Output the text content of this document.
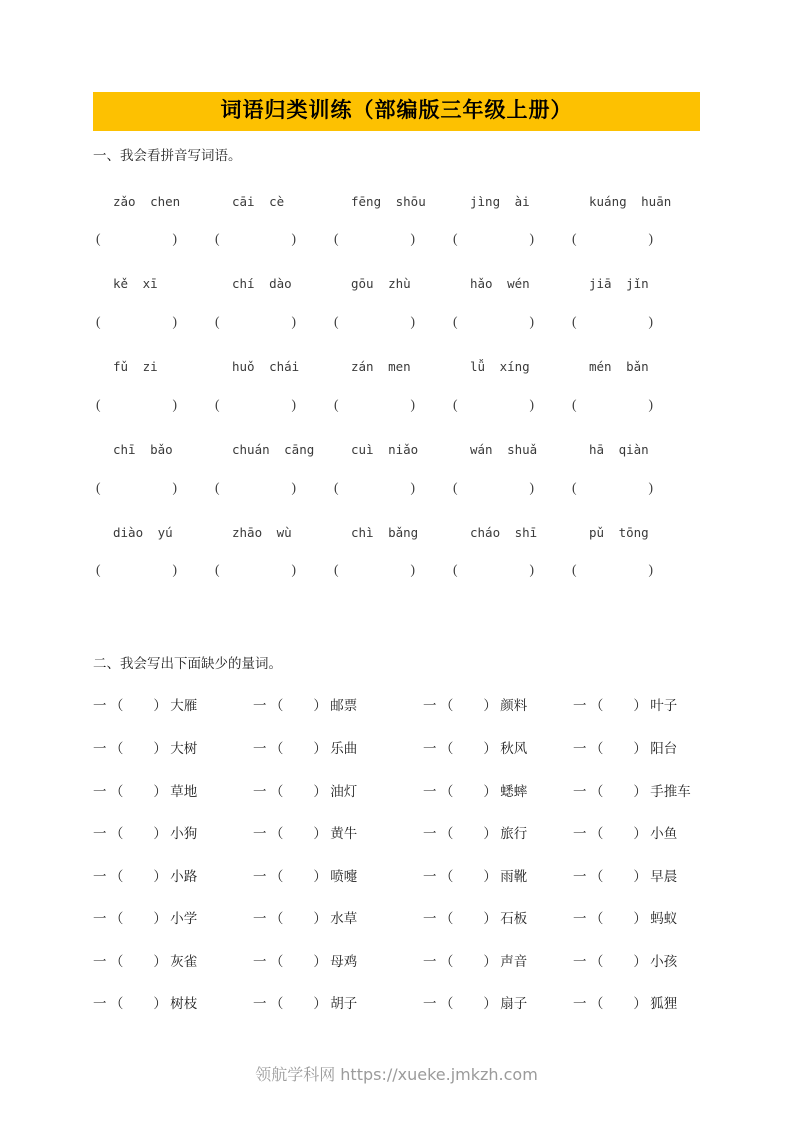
词语归类训练（部编版三年级上册）
一、我会看拼音写词语。
zǎo chen	cāi cè	fēng shōu	jìng ài	kuáng huān
(	)	(	)	(	)	(	)	(	)
kě xī	chí dào	gōu zhù	hǎo wén	jiā jǐn
(	)	(	)	(	)	(	)	(	)
fǔ zi	huǒ chái	zán men	lǚ xíng	mén bǎn
(	)	(	)	(	)	(	)	(	)
chī bǎo	chuán cāng	cuì niǎo	wán shuǎ	hā qiàn
(	)	(	)	(	)	(	)	(	)
diào yú	zhāo wù	chì bǎng	cháo shī	pǔ tōng
(	)	(	)	(	)	(	)	(	)
二、我会写出下面缺少的量词。
一 （ ） 大雁	一 （ ） 邮票	一 （ ） 颜料	一 （ ） 叶子
一 （ ） 大树	一 （ ） 乐曲	一 （ ） 秋风	一 （ ） 阳台
一 （ ） 草地	一 （ ） 油灯	一 （ ） 蟋蟀	一 （ ） 手推车
一 （ ） 小狗	一 （ ） 黄牛	一 （ ） 旅行	一 （ ） 小鱼
一 （ ） 小路	一 （ ） 喷嚏	一 （ ） 雨靴	一 （ ） 早晨
一 （ ） 小学	一 （ ） 水草	一 （ ） 石板	一 （ ） 蚂蚁
一 （ ） 灰雀	一 （ ） 母鸡	一 （ ） 声音	一 （ ） 小孩
一 （ ） 树枝	一 （ ） 胡子	一 （ ） 扇子	一 （ ） 狐狸
领航学科网 https://xueke.jmkzh.com
